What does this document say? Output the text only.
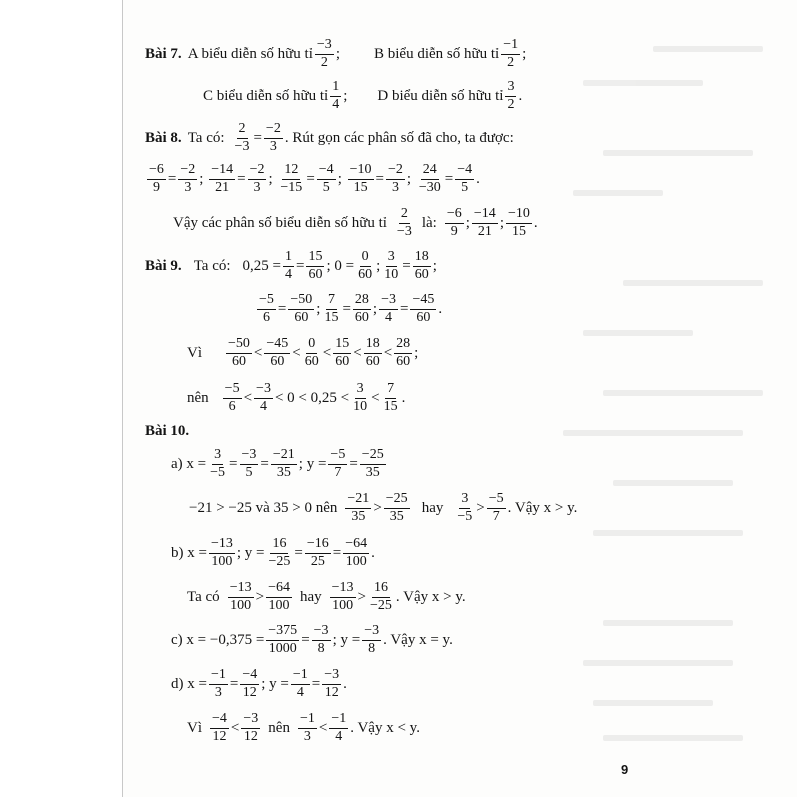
Bài 7. A biểu diễn số hữu tỉ $\frac{-3}{2}$ ; B biểu diễn số hữu tỉ $\frac{-1}{2}$ ;
C biểu diễn số hữu tỉ $\frac{1}{4}$ ; D biểu diễn số hữu tỉ $\frac{3}{2}$ .
Bài 8. Ta có: $\frac{2}{-3} = \frac{-2}{3}$ . Rút gọn các phân số đã cho, ta được:
$\frac{-6}{9} = \frac{-2}{3}$ ; $\frac{-14}{21} = \frac{-2}{3}$ ; $\frac{12}{-15} = \frac{-4}{5}$ ; $\frac{-10}{15} = \frac{-2}{3}$ ; $\frac{24}{-30} = \frac{-4}{5}$ .
Vậy các phân số biểu diễn số hữu tỉ $\frac{2}{-3}$ là: $\frac{-6}{9}$ ; $\frac{-14}{21}$ ; $\frac{-10}{15}$ .
Bài 9. Ta có: $0,25 = \frac{1}{4} = \frac{15}{60}$ ; $0 = \frac{0}{60}$ ; $\frac{3}{10} = \frac{18}{60}$ ;
$\frac{-5}{6} = \frac{-50}{60}$ ; $\frac{7}{15} = \frac{28}{60}$ ; $\frac{-3}{4} = \frac{-45}{60}$ .
Vì $\frac{-50}{60} < \frac{-45}{60} < \frac{0}{60} < \frac{15}{60} < \frac{18}{60} < \frac{28}{60}$ ;
nên $\frac{-5}{6} < \frac{-3}{4} < 0 < 0,25 < \frac{3}{10} < \frac{7}{15}$ .
Bài 10.
a) $x = \frac{3}{-5} = \frac{-3}{5} = \frac{-21}{35}$ ; $y = \frac{-5}{7} = \frac{-25}{35}$
−21 > −25 và 35 > 0 nên $\frac{-21}{35} > \frac{-25}{35}$ hay $\frac{3}{-5} > \frac{-5}{7}$ . Vậy x > y.
b) $x = \frac{-13}{100}$ ; $y = \frac{16}{-25} = \frac{-16}{25} = \frac{-64}{100}$ .
Ta có $\frac{-13}{100} > \frac{-64}{100}$ hay $\frac{-13}{100} > \frac{16}{-25}$ . Vậy x > y.
c) $x = -0,375 = \frac{-375}{1000} = \frac{-3}{8}$ ; $y = \frac{-3}{8}$ . Vậy x = y.
d) $x = \frac{-1}{3} = \frac{-4}{12}$ ; $y = \frac{-1}{4} = \frac{-3}{12}$ .
Vì $\frac{-4}{12} < \frac{-3}{12}$ nên $\frac{-1}{3} < \frac{-1}{4}$ . Vậy x < y.
9
